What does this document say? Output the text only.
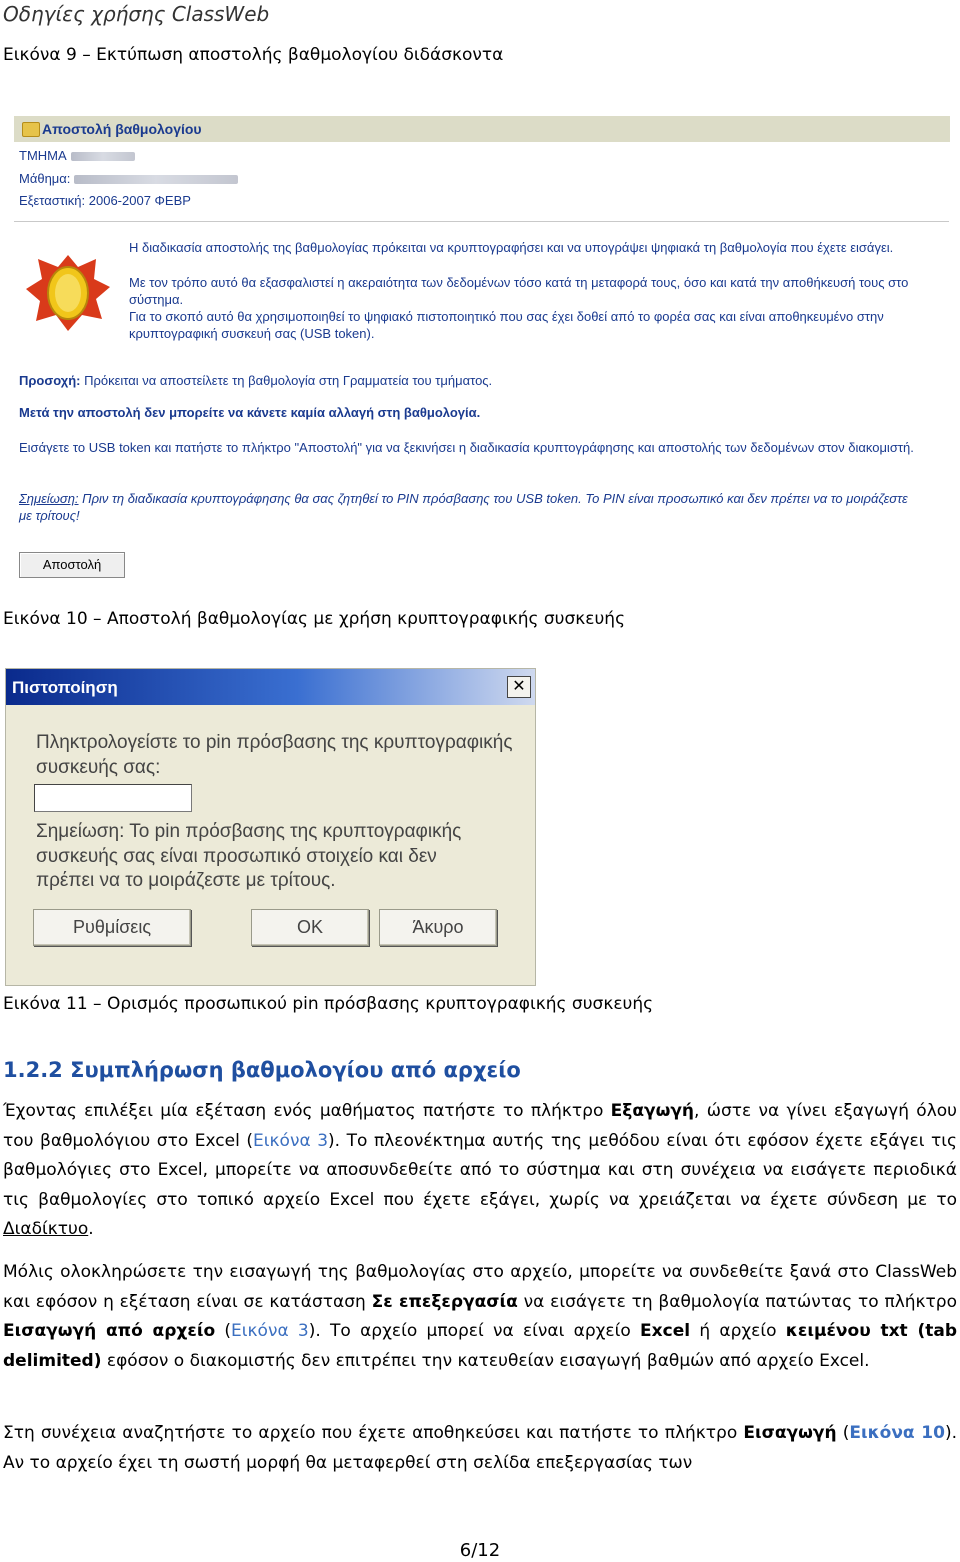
Οδηγίες χρήσης ClassWeb
Εικόνα 9 – Εκτύπωση αποστολής βαθμολογίου διδάσκοντα
Αποστολή βαθμολογίου
ΤΜΗΜΑ
Μάθημα:
Εξεταστική: 2006-2007 ΦΕΒΡ
Η διαδικασία αποστολής της βαθμολογίας πρόκειται να κρυπτογραφήσει και να υπογράψει ψηφιακά τη βαθμολογία που έχετε εισάγει.
Με τον τρόπο αυτό θα εξασφαλιστεί η ακεραιότητα των δεδομένων τόσο κατά τη μεταφορά τους, όσο και κατά την αποθήκευσή τους στο σύστημα.
Για το σκοπό αυτό θα χρησιμοποιηθεί το ψηφιακό πιστοποιητικό που σας έχει δοθεί από το φορέα σας και είναι αποθηκευμένο στην κρυπτογραφική συσκευή σας (USB token).
Προσοχή: Πρόκειται να αποστείλετε τη βαθμολογία στη Γραμματεία του τμήματος.
Μετά την αποστολή δεν μπορείτε να κάνετε καμία αλλαγή στη βαθμολογία.
Εισάγετε το USB token και πατήστε το πλήκτρο "Αποστολή" για να ξεκινήσει η διαδικασία κρυπτογράφησης και αποστολής των δεδομένων στον διακομιστή.
Σημείωση: Πριν τη διαδικασία κρυπτογράφησης θα σας ζητηθεί το PIN πρόσβασης του USB token. Το PIN είναι προσωπικό και δεν πρέπει να το μοιράζεστε με τρίτους!
Αποστολή
Εικόνα 10 – Αποστολή βαθμολογίας με χρήση κρυπτογραφικής συσκευής
Πιστοποίηση	✕
Πληκτρολογείστε το pin πρόσβασης της κρυπτογραφικής
συσκευής σας:
Σημείωση: Το pin πρόσβασης της κρυπτογραφικής
συσκευής σας είναι προσωπικό στοιχείο και δεν
πρέπει να το μοιράζεστε με τρίτους.
Ρυθμίσεις	OK	Άκυρο
Εικόνα 11 – Ορισμός προσωπικού pin πρόσβασης κρυπτογραφικής συσκευής
1.2.2 Συμπλήρωση βαθμολογίου από αρχείο
Έχοντας επιλέξει μία εξέταση ενός μαθήματος πατήστε το πλήκτρο Εξαγωγή, ώστε να γίνει εξαγωγή όλου του βαθμολόγιου στο Excel (Εικόνα 3). Το πλεονέκτημα αυτής της μεθόδου είναι ότι εφόσον έχετε εξάγει τις βαθμολόγιες στο Excel, μπορείτε να αποσυνδεθείτε από το σύστημα και στη συνέχεια να εισάγετε περιοδικά τις βαθμολογίες στο τοπικό αρχείο Excel που έχετε εξάγει, χωρίς να χρειάζεται να έχετε σύνδεση με το Διαδίκτυο.
Μόλις ολοκληρώσετε την εισαγωγή της βαθμολογίας στο αρχείο, μπορείτε να συνδεθείτε ξανά στο ClassWeb και εφόσον η εξέταση είναι σε κατάσταση Σε επεξεργασία να εισάγετε τη βαθμολογία πατώντας το πλήκτρο Εισαγωγή από αρχείο (Εικόνα 3). Το αρχείο μπορεί να είναι αρχείο Excel ή αρχείο κειμένου txt (tab delimited) εφόσον ο διακομιστής δεν επιτρέπει την κατευθείαν εισαγωγή βαθμών από αρχείο Excel.
Στη συνέχεια αναζητήστε το αρχείο που έχετε αποθηκεύσει και πατήστε το πλήκτρο Εισαγωγή (Εικόνα 10). Αν το αρχείο έχει τη σωστή μορφή θα μεταφερθεί στη σελίδα επεξεργασίας των
6/12
